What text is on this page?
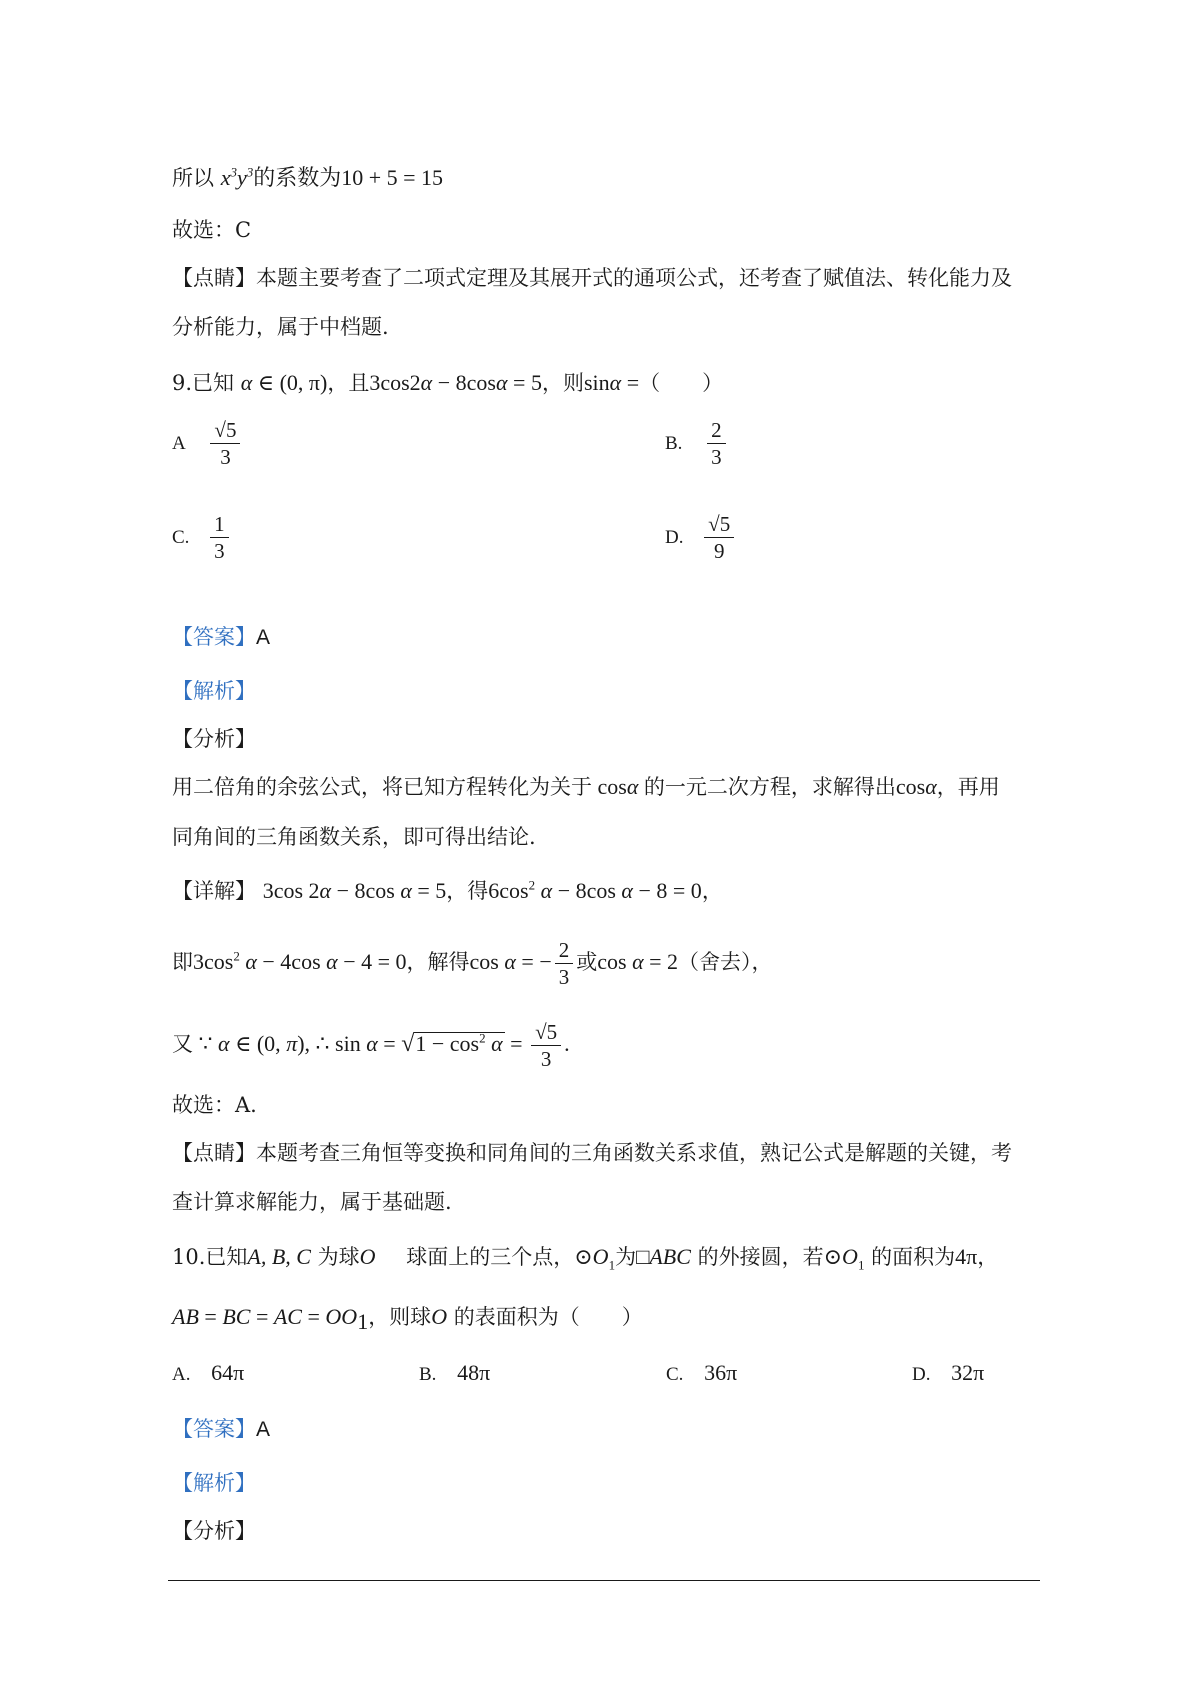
所以 $x^3y^3$的系数为10 + 5 = 15
故选：C
【点睛】本题主要考查了二项式定理及其展开式的通项公式，还考查了赋值法、转化能力及
分析能力，属于中档题.
9.已知 α ∈ (0, π)，且3cos2α − 8cosα = 5，则sinα =（　　）
A $\frac{√5}{3}$	B. $\frac{2}{3}$
C. $\frac{1}{3}$	D. $\frac{√5}{9}$
【答案】A
【解析】
【分析】
用二倍角的余弦公式，将已知方程转化为关于 cosα 的一元二次方程，求解得出cosα，再用
同角间的三角函数关系，即可得出结论.
【详解】 3cos 2α − 8cos α = 5，得$6\cos^2$ α − 8cos α − 8 = 0，
即$3\cos^2$ α − 4cos α − 4 = 0，解得cos α = − $\frac{2}{3}$ 或cos α = 2（舍去），
又 ∵ α ∈ (0, π), ∴ $\sin \alpha = √1 - \cos^2 \alpha = \frac{√5}{3}$ .
故选：A.
【点睛】本题考查三角恒等变换和同角间的三角函数关系求值，熟记公式是解题的关键，考
查计算求解能力，属于基础题.
10.已知A, B, C 为球O 球面上的三个点，$⊙O_1$为□ABC 的外接圆，若$⊙O_1$ 的面积为4π，
AB = BC = AC = $OO_1$，则球O 的表面积为（　　）
A. 64π	B. 48π	C. 36π	D. 32π
【答案】A
【解析】
【分析】
